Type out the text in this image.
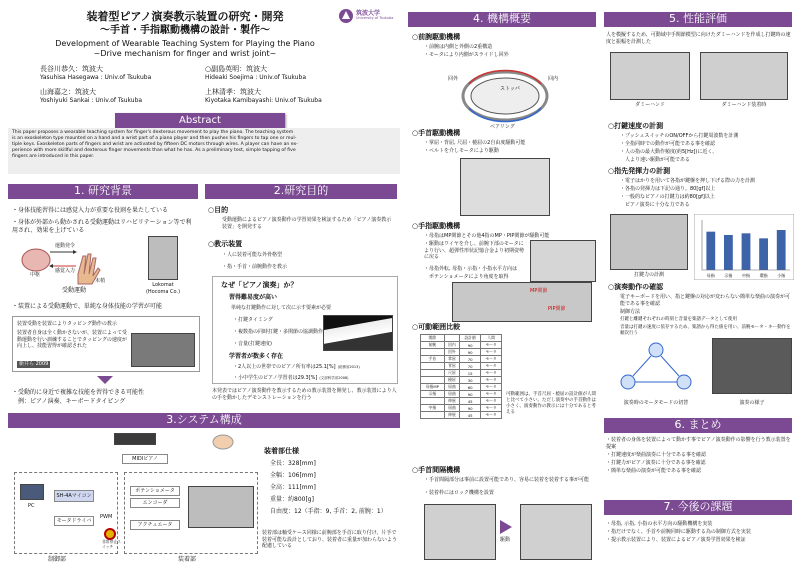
装着型ピアノ演奏教示装置の研究・開発
〜手首・手指駆動機構の設計・製作〜
Development of Wearable Teaching System for Playing the Piano
~Drive mechanism for finger and wrist joint~
筑波大学
University of Tsukuba
長谷川恭久：筑波大
Yasuhisa Hasegawa : Univ.of Tsukuba
○副島英明：筑波大
Hideaki Soejima : Univ.of Tsukuba
山海嘉之：筑波大
Yoshiyuki Sankai : Univ.of Tsukuba
上林清孝：筑波大
Kiyotaka Kamibayashi: Univ.of Tsukuba
Abstract
This paper proposes a wearable teaching system for finger's dexterous movement to play the piano. The teaching system
is an exoskeleton type mounted on a hand and a wrist part of a piano player and then pushes his fingers to tap one or mul-
tiple keys. Exoskeleton parts of fingers and wrist are activated by fifteen DC motors through wires. A player can have an ex-
perience with more skillful and dexterous finger movements than what he has. As a preliminary test, simple tapping of five
fingers are introduced in this paper.
1. 研究背景
・身体技能習得には感覚入力が重要な役割を果たしている
・身体が外部から動かされる受動運動はリハビリテーション等で利用され、効果を上げている
運動発令
感覚入力
中枢
末梢
受動運動
Lokomat
(Hocoma Co.)
・装置による受動運動で、単純な身体技能の学習が可能
装置受動を装置によりタッピング動作の教示
装置者自身は全く動かさないが、装置によって受動運動を行い訓練することでタッピングの速度が向上し、技能習得が確認された
新井ら 2009
・受動的に身近で複雑な技能を習得できる可能性
　例：ピアノ演奏、キーボードタイピング
2.研究目的
○目的
受動運動によるピアノ演奏動作の学習効果を検証するため「ピアノ演奏教示装置」を開発する
○教示装置
・人に装着可能な外骨格型
・指・手首・前腕動作を教示
なぜ「ピアノ演奏」か？
習得難易度が高い
単純な打鍵動作に対して次に示す要素が必要
・打鍵タイミング
・複数指の同時打鍵・多関節の協調動作
・音量(打鍵速度)
学習者が数多く存在
・2人以上の世帯でのピアノ所有率は25.1[%] (総務省2013)
・小中学生のピアノ学習者は29.3[%] (文部科学省2008)
本発表ではピアノ演奏動作を教示するための教示装置を開発し、教示装置により人の手を動かしたデモンストレーションを行う
3.システム構成
MIDIピアノ
PC
SH-4Aマイコン
モータドライバ
ポテンショメータ
エンコーダ
アクチュエータ
PWM
非常停止スイッチ
制御部	装着部
装着部仕様
全長：328[mm]
全幅：106[mm]
全高：111[mm]
重量：約800[g]
自由度：12（手指：9, 手首：2, 前腕：1）
装着部は軸受ケース同様に前腕部を手首に取り付け、片手で装着可能な設計としており、装着者に重量が加わらないよう配慮している
4. 機構概要
○前腕駆動機構
・前腕は内側と外側の2重構造
・モータにより内側がスライドし回外
回外	回内
ストッパ
ベアリング
○手首駆動機構
・掌屈・背屈, 尺屈・橈屈の2自由度駆動可能
・ベルトを介しモータにより駆動
○手指駆動機構
・母指はMP関節とその他4指のMP・PIP関節が駆動可能
・駆動はワイヤを介し、前腕下部のモータにより行い、超弾性形状記憶合金より初期姿勢に戻る
・母指外転, 母指・示指・小指水平方向は
　ポテンショメータにより角度を取得
MP関節
PIP関節
○可動範囲比較
関節		設計値	人間
前腕	回内	90	モータ
	回外	90	モータ
手首	掌屈	70	モータ
	背屈	70	モータ
	尺屈	15	モータ
	橈屈	30	モータ
母指MP	屈曲	60	モータ
示指	屈曲	90	モータ
	伸展	45	モータ
中指	屈曲	90	モータ
	伸展	45	モータ
可動範囲は、手首尺屈・橈屈の設計値が人間と比べて小さい。ただし演奏中の手首動作は小さく、演奏動作の教示には十分であると考える
○手首間隔機構
・手首間隔部分は事前に設置可能であり、容易に装着を装着する事が可能
・装着枠にはロック機構を設置
駆動
5. 性能評価
人を模擬するため、可動域中手関節模型に向けたダミーハンドを作成し打鍵時の速度と振幅を計測した
ダミーハンド	ダミーハンド装着時
○打鍵速度の計測
・プッシュスイッチのON/OFFから打鍵周波数を計測
・全指同時での動作が可能である事を確認
・人の指の最大動作頻度(約5[Hz])に近く、
　人より速い駆動が可能である
○指先発揮力の計測
・電子はかりを用いて各指が鍵盤を押し下げる際の力を計測
・各指の発揮力は下記の通り。80[gf]以上
・一般的なピアノの打鍵力は約80[gf]以上
　ピアノ演奏に十分な力である
打鍵力の計測	母指 示指 中指 環指 小指
○演奏動作の確認
電子キーボードを用い、指と鍵盤の対応が変わらない簡単な楽曲の演奏が可能である事を確認
制御方法
打鍵と離鍵それぞれの時刻と音量を楽譜データとして使用
音量は打鍵の速度に依存するため、楽譜から得た値を用い、前腕モータ・キー動作を順次行う
演奏時のモータモードの切替	演奏の様子
6. まとめ
・装着者の身体を装置によって動かす事でピアノ演奏動作の影響を行う教示装置を提案
・打鍵速度が楽曲演奏に十分である事を確認
・打鍵力がピアノ演奏に十分である事を確認
・簡単な楽曲の演奏が可能である事を確認
7. 今後の課題
・母指, 示指, 小指の水平方向の駆動機構を実装
・指だけでなく、手首や前腕同時に駆動する為の制御方式を実装
・提示教示装置により、装置によるピアノ演奏学習効果を検証
